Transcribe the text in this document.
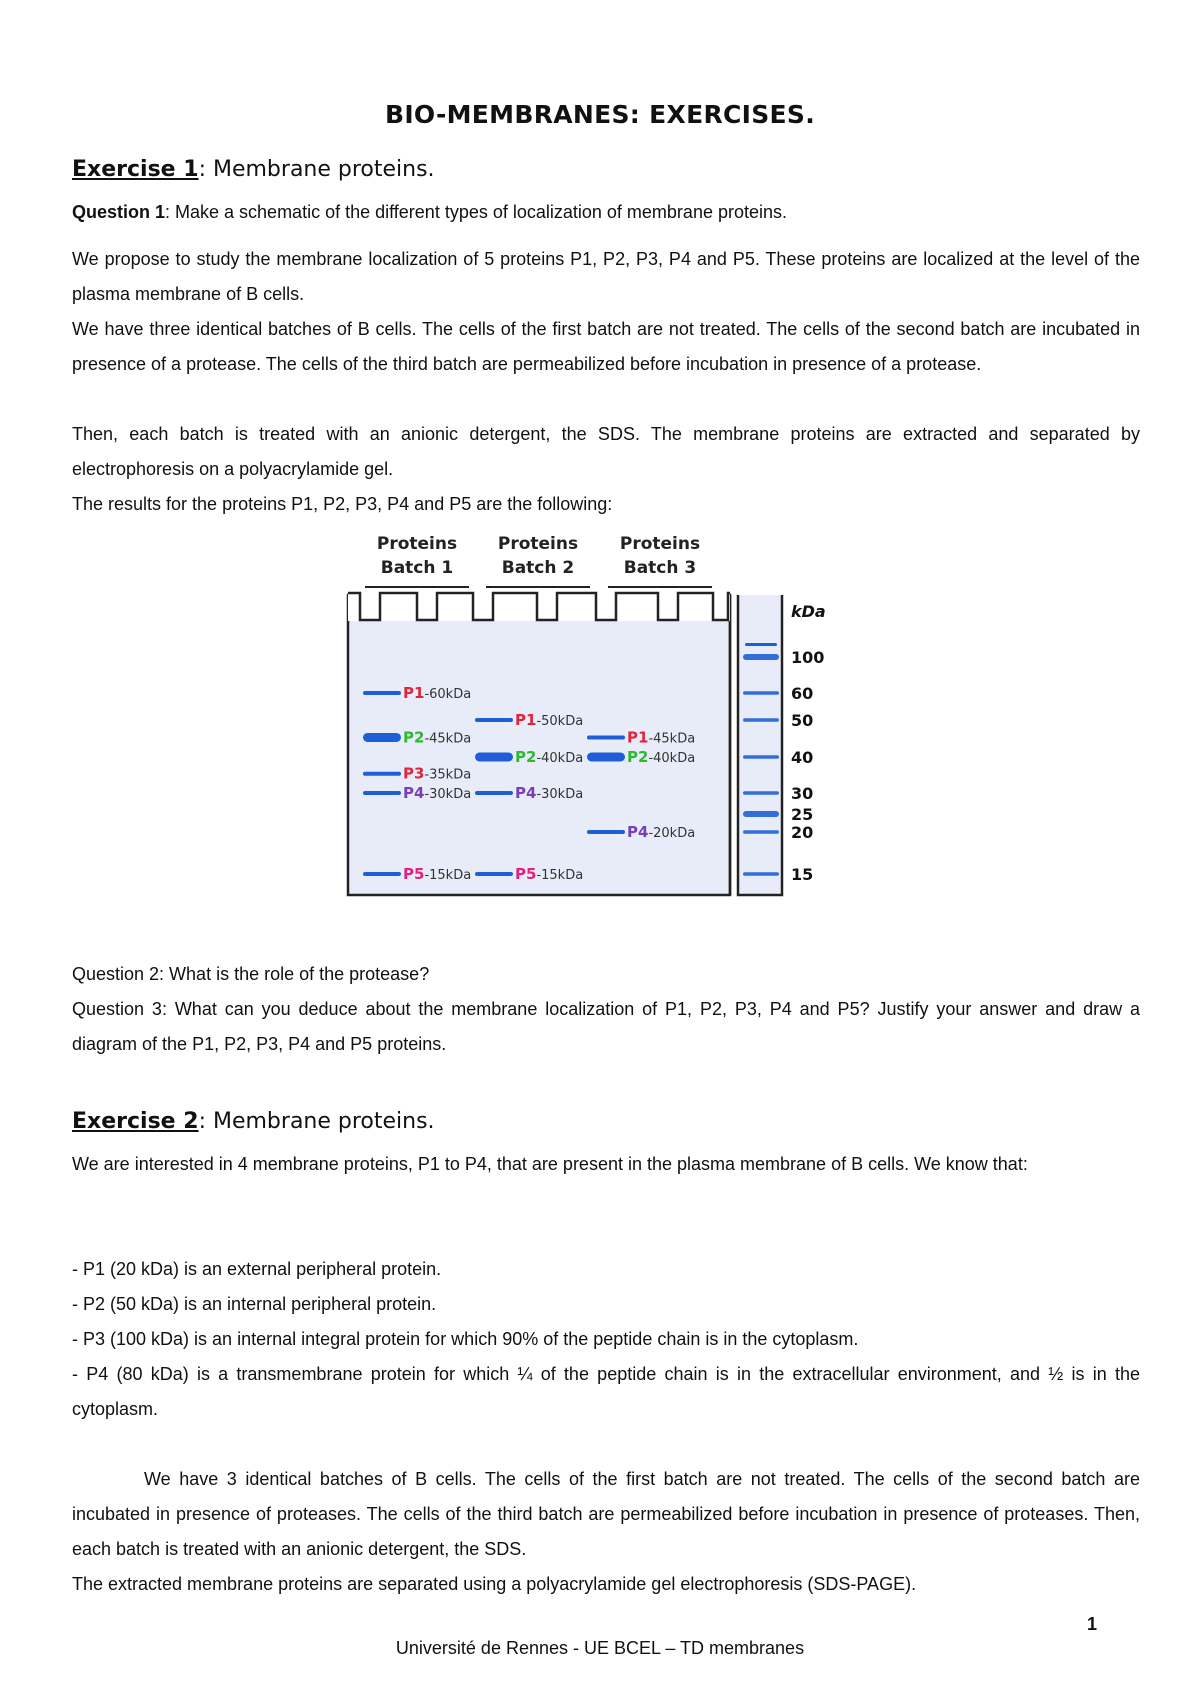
BIO-MEMBRANES: EXERCISES.
Exercise 1: Membrane proteins.

Question 1: Make a schematic of the different types of localization of membrane proteins.

We propose to study the membrane localization of 5 proteins P1, P2, P3, P4 and P5. These proteins are localized at the level of the plasma membrane of B cells.

We have three identical batches of B cells. The cells of the first batch are not treated. The cells of the second batch are incubated in presence of a protease. The cells of the third batch are permeabilized before incubation in presence of a protease.

Then, each batch is treated with an anionic detergent, the SDS. The membrane proteins are extracted and separated by electrophoresis on a polyacrylamide gel.

The results for the proteins P1, P2, P3, P4 and P5 are the following:

Proteins
Batch 1
Proteins
Batch 2
Proteins
Batch 3
kDa
100
60
50
40
30
25
20
15
P1-60kDa
P2-45kDa
P3-35kDa
P4-30kDa
P5-15kDa
P1-50kDa
P2-40kDa
P4-30kDa
P5-15kDa
P1-45kDa
P2-40kDa
P4-20kDa

Question 2: What is the role of the protease?

Question 3: What can you deduce about the membrane localization of P1, P2, P3, P4 and P5? Justify your answer and draw a diagram of the P1, P2, P3, P4 and P5 proteins.

Exercise 2: Membrane proteins.

We are interested in 4 membrane proteins, P1 to P4, that are present in the plasma membrane of B cells. We know that:

- P1 (20 kDa) is an external peripheral protein.
- P2 (50 kDa) is an internal peripheral protein.
- P3 (100 kDa) is an internal integral protein for which 90% of the peptide chain is in the cytoplasm.
- P4 (80 kDa) is a transmembrane protein for which ¼ of the peptide chain is in the extracellular environment, and ½ is in the cytoplasm.

We have 3 identical batches of B cells. The cells of the first batch are not treated. The cells of the second batch are incubated in presence of proteases. The cells of the third batch are permeabilized before incubation in presence of proteases. Then, each batch is treated with an anionic detergent, the SDS.

The extracted membrane proteins are separated using a polyacrylamide gel electrophoresis (SDS-PAGE).

1
Université de Rennes - UE BCEL – TD membranes
